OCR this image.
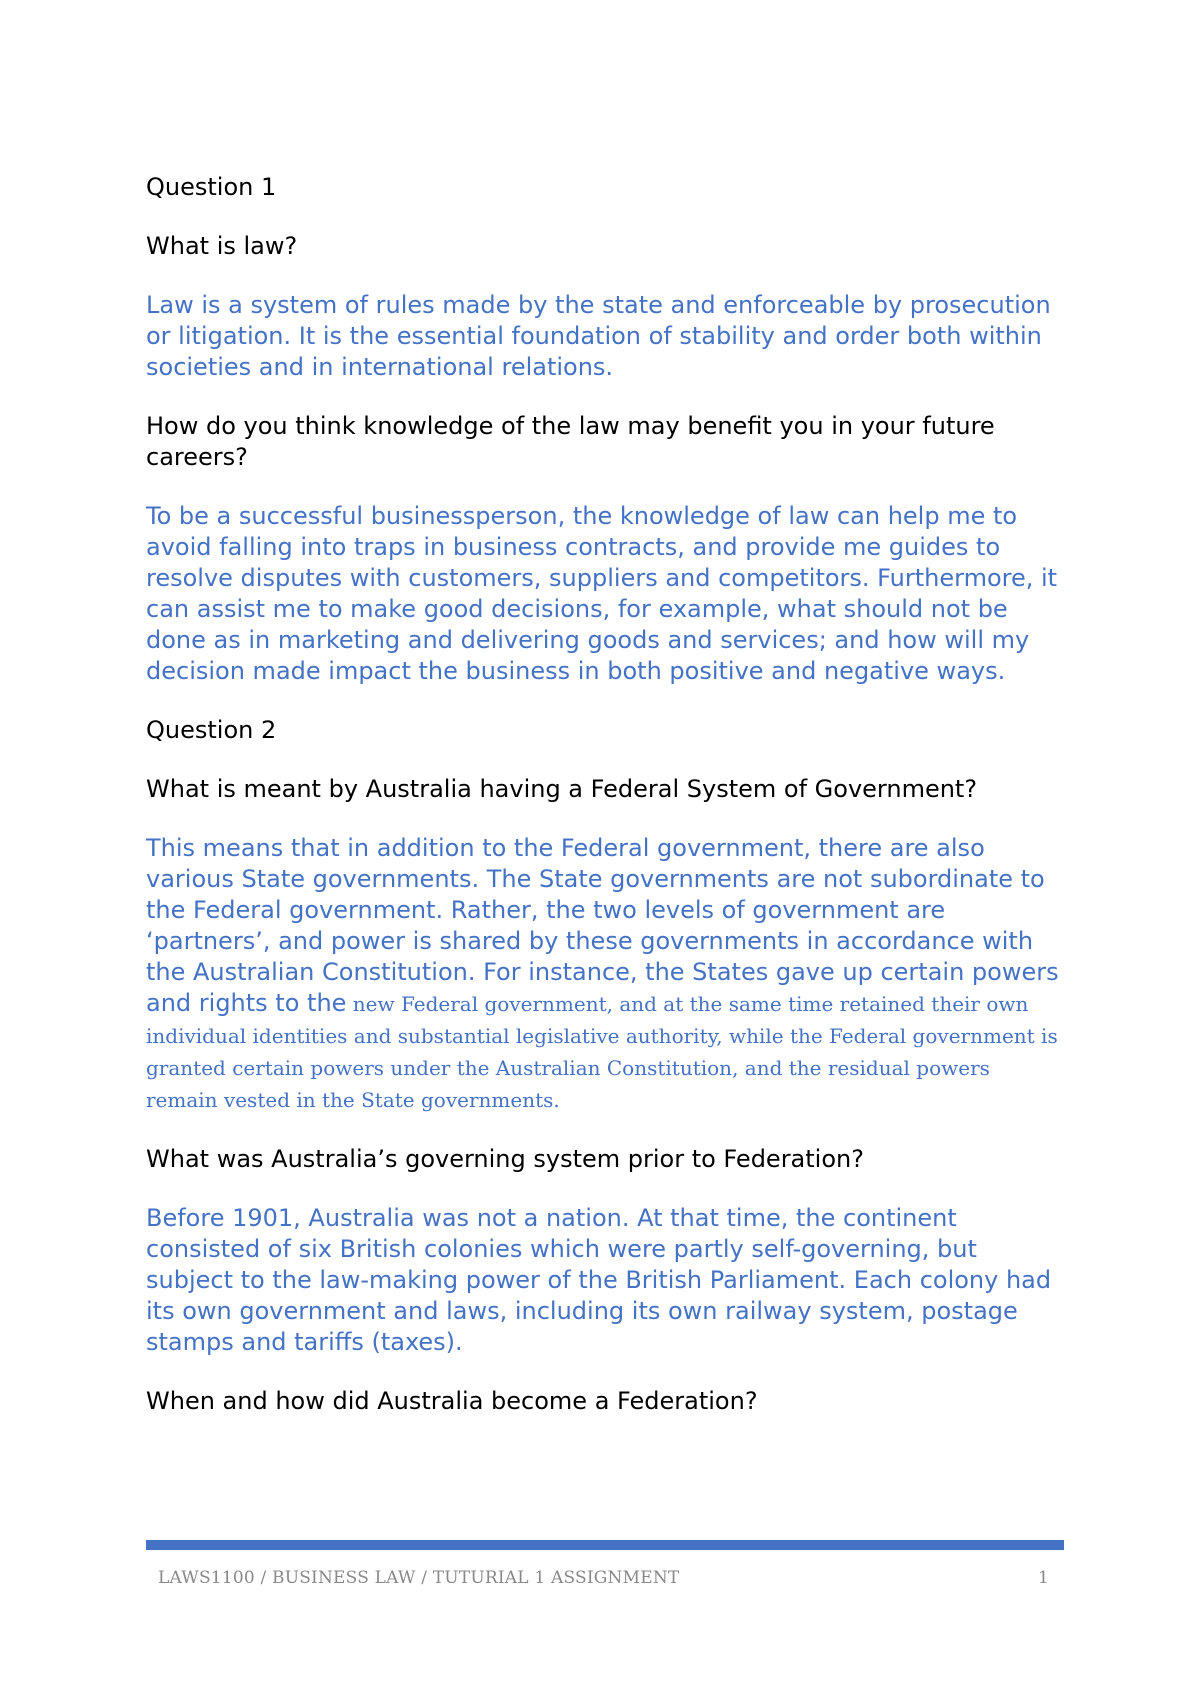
Question 1

What is law?

Law is a system of rules made by the state and enforceable by prosecution or litigation. It is the essential foundation of stability and order both within societies and in international relations.

How do you think knowledge of the law may benefit you in your future careers?

To be a successful businessperson, the knowledge of law can help me to avoid falling into traps in business contracts, and provide me guides to resolve disputes with customers, suppliers and competitors. Furthermore, it can assist me to make good decisions, for example, what should not be done as in marketing and delivering goods and services; and how will my decision made impact the business in both positive and negative ways.

Question 2

What is meant by Australia having a Federal System of Government?

This means that in addition to the Federal government, there are also various State governments. The State governments are not subordinate to the Federal government. Rather, the two levels of government are ‘partners’, and power is shared by these governments in accordance with the Australian Constitution. For instance, the States gave up certain powers and rights to the new Federal government, and at the same time retained their own individual identities and substantial legislative authority, while the Federal government is granted certain powers under the Australian Constitution, and the residual powers remain vested in the State governments.

What was Australia’s governing system prior to Federation?

Before 1901, Australia was not a nation. At that time, the continent consisted of six British colonies which were partly self-governing, but subject to the law-making power of the British Parliament. Each colony had its own government and laws, including its own railway system, postage stamps and tariffs (taxes).

When and how did Australia become a Federation?

LAWS1100 / BUSINESS LAW / TUTURIAL 1 ASSIGNMENT	1
